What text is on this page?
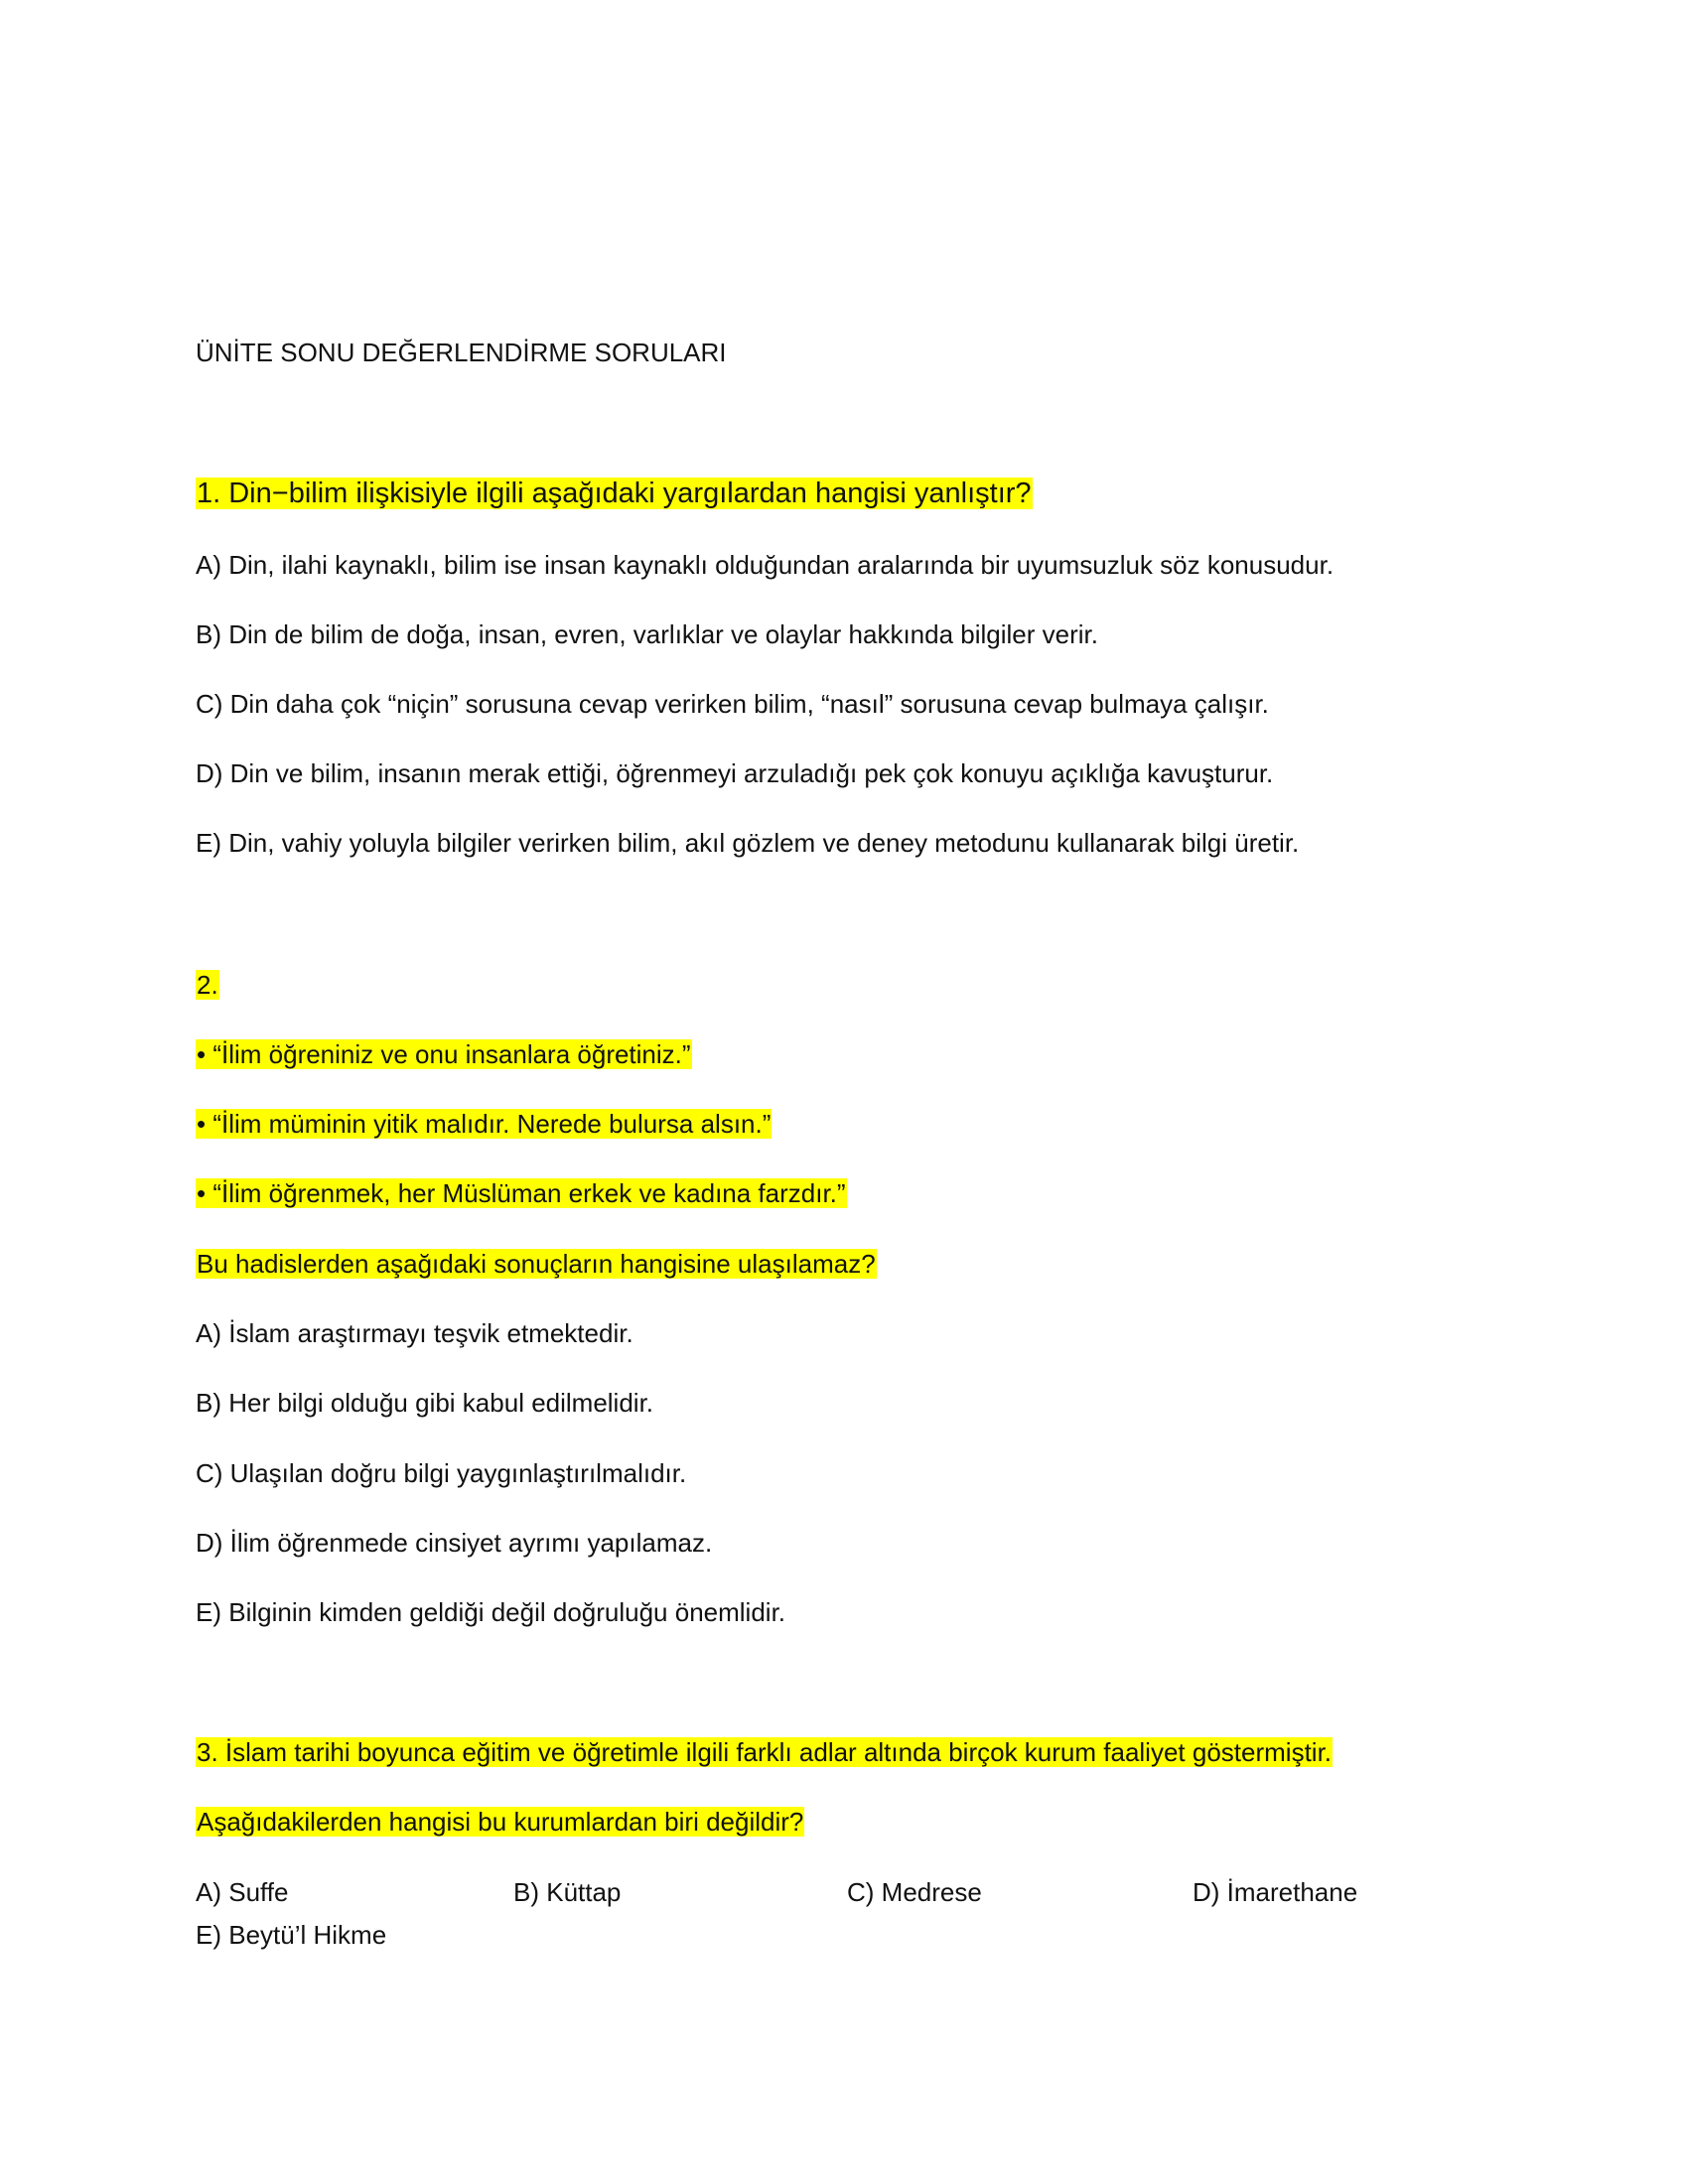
ÜNİTE SONU DEĞERLENDİRME SORULARI
1. Din−bilim ilişkisiyle ilgili aşağıdaki yargılardan hangisi yanlıştır?
A) Din, ilahi kaynaklı, bilim ise insan kaynaklı olduğundan aralarında bir uyumsuzluk söz konusudur.
B) Din de bilim de doğa, insan, evren, varlıklar ve olaylar hakkında bilgiler verir.
C) Din daha çok “niçin” sorusuna cevap verirken bilim, “nasıl” sorusuna cevap bulmaya çalışır.
D) Din ve bilim, insanın merak ettiği, öğrenmeyi arzuladığı pek çok konuyu açıklığa kavuşturur.
E) Din, vahiy yoluyla bilgiler verirken bilim, akıl gözlem ve deney metodunu kullanarak bilgi üretir.
2.
• “İlim öğreniniz ve onu insanlara öğretiniz.”
• “İlim müminin yitik malıdır. Nerede bulursa alsın.”
• “İlim öğrenmek, her Müslüman erkek ve kadına farzdır.”
Bu hadislerden aşağıdaki sonuçların hangisine ulaşılamaz?
A) İslam araştırmayı teşvik etmektedir.
B) Her bilgi olduğu gibi kabul edilmelidir.
C) Ulaşılan doğru bilgi yaygınlaştırılmalıdır.
D) İlim öğrenmede cinsiyet ayrımı yapılamaz.
E) Bilginin kimden geldiği değil doğruluğu önemlidir.
3. İslam tarihi boyunca eğitim ve öğretimle ilgili farklı adlar altında birçok kurum faaliyet göstermiştir.
Aşağıdakilerden hangisi bu kurumlardan biri değildir?
A) Suffe	B) Küttap	C) Medrese	D) İmarethane
E) Beytü’l Hikme
